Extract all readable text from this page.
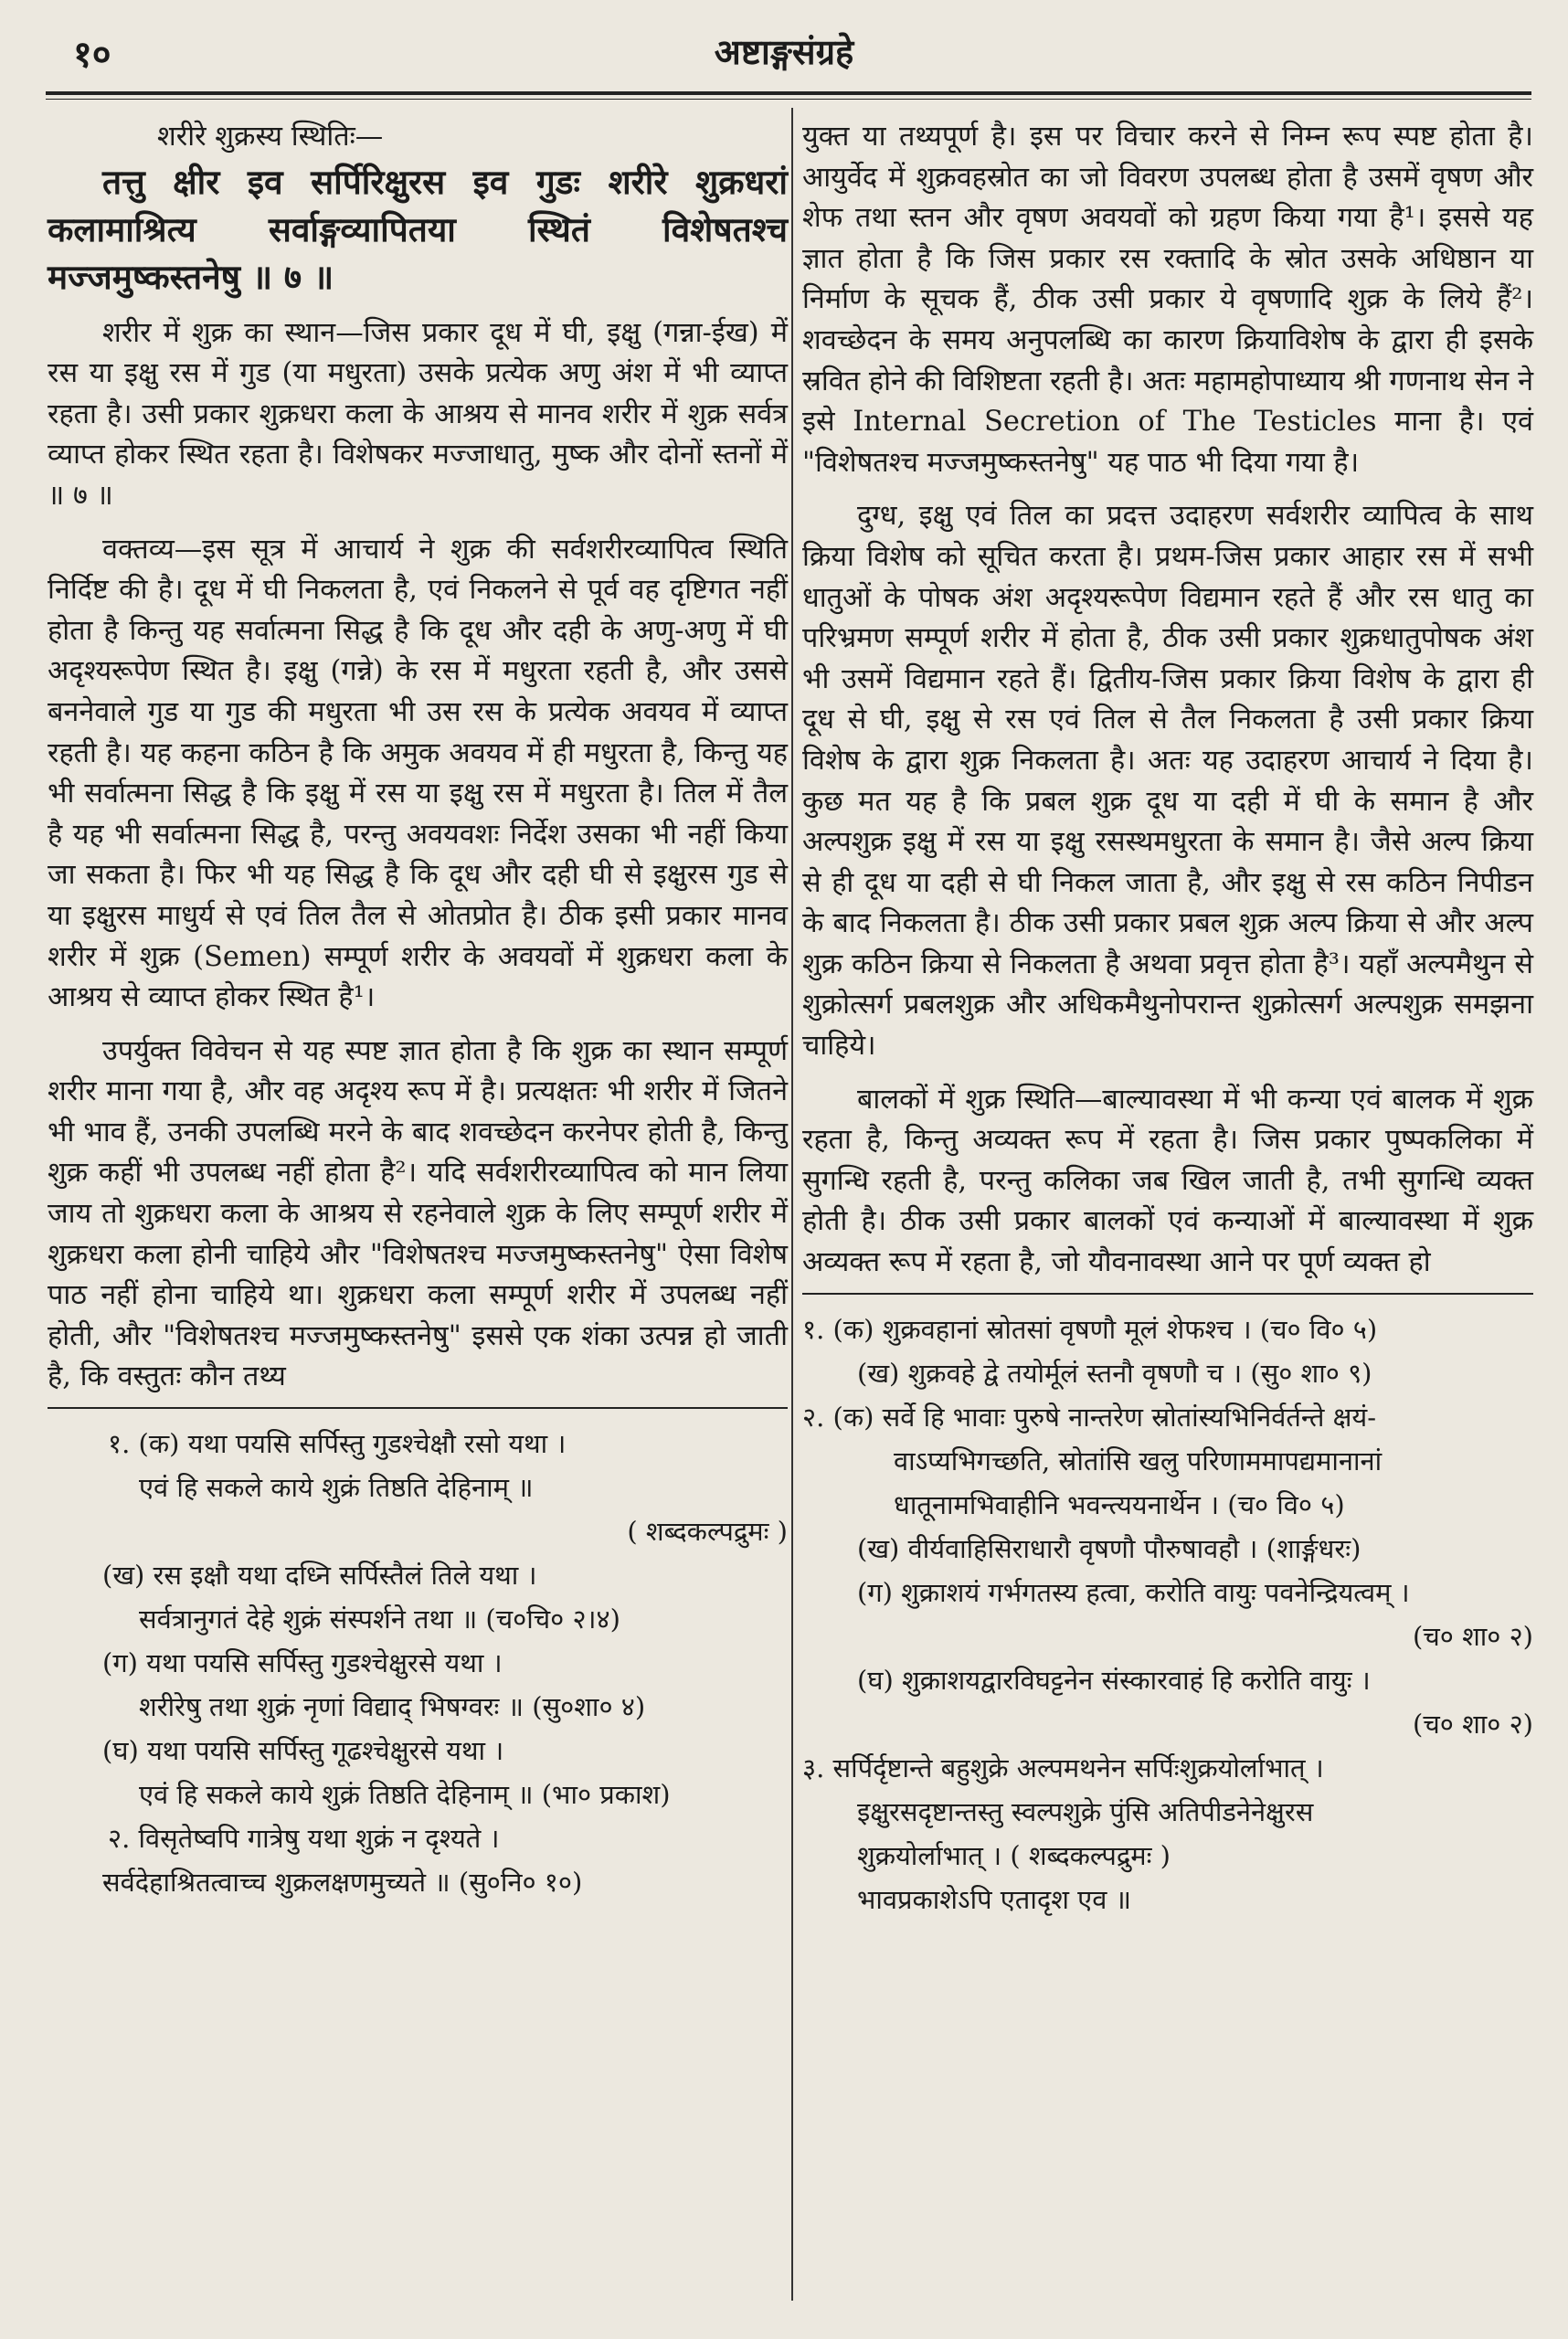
१०	अष्टाङ्गसंग्रहे

शरीरे शुक्रस्य स्थितिः—

तत्तु क्षीर इव सर्पिरिक्षुरस इव गुडः शरीरे शुक्रधरां कलामाश्रित्य सर्वाङ्गव्यापितया स्थितं विशेषतश्च मज्जमुष्कस्तनेषु ॥ ७ ॥

शरीर में शुक्र का स्थान—जिस प्रकार दूध में घी, इक्षु (गन्ना-ईख) में रस या इक्षु रस में गुड (या मधुरता) उसके प्रत्येक अणु अंश में भी व्याप्त रहता है। उसी प्रकार शुक्रधरा कला के आश्रय से मानव शरीर में शुक्र सर्वत्र व्याप्त होकर स्थित रहता है। विशेषकर मज्जाधातु, मुष्क और दोनों स्तनों में ॥ ७ ॥

वक्तव्य—इस सूत्र में आचार्य ने शुक्र की सर्वशरीरव्यापित्व स्थिति निर्दिष्ट की है। दूध में घी निकलता है, एवं निकलने से पूर्व वह दृष्टिगत नहीं होता है किन्तु यह सर्वात्मना सिद्ध है कि दूध और दही के अणु-अणु में घी अदृश्यरूपेण स्थित है। इक्षु (गन्ने) के रस में मधुरता रहती है, और उससे बननेवाले गुड या गुड की मधुरता भी उस रस के प्रत्येक अवयव में व्याप्त रहती है। यह कहना कठिन है कि अमुक अवयव में ही मधुरता है, किन्तु यह भी सर्वात्मना सिद्ध है कि इक्षु में रस या इक्षु रस में मधुरता है। तिल में तैल है यह भी सर्वात्मना सिद्ध है, परन्तु अवयवशः निर्देश उसका भी नहीं किया जा सकता है। फिर भी यह सिद्ध है कि दूध और दही घी से इक्षुरस गुड से या इक्षुरस माधुर्य से एवं तिल तैल से ओतप्रोत है। ठीक इसी प्रकार मानव शरीर में शुक्र (Semen) सम्पूर्ण शरीर के अवयवों में शुक्रधरा कला के आश्रय से व्याप्त होकर स्थित है¹।

उपर्युक्त विवेचन से यह स्पष्ट ज्ञात होता है कि शुक्र का स्थान सम्पूर्ण शरीर माना गया है, और वह अदृश्य रूप में है। प्रत्यक्षतः भी शरीर में जितने भी भाव हैं, उनकी उपलब्धि मरने के बाद शवच्छेदन करनेपर होती है, किन्तु शुक्र कहीं भी उपलब्ध नहीं होता है²। यदि सर्वशरीरव्यापित्व को मान लिया जाय तो शुक्रधरा कला के आश्रय से रहनेवाले शुक्र के लिए सम्पूर्ण शरीर में शुक्रधरा कला होनी चाहिये और "विशेषतश्च मज्जमुष्कस्तनेषु" ऐसा विशेष पाठ नहीं होना चाहिये था। शुक्रधरा कला सम्पूर्ण शरीर में उपलब्ध नहीं होती, और "विशेषतश्च मज्जमुष्कस्तनेषु" इससे एक शंका उत्पन्न हो जाती है, कि वस्तुतः कौन तथ्य

१. (क) यथा पयसि सर्पिस्तु गुडश्चेक्षौ रसो यथा ।

एवं हि सकले काये शुक्रं तिष्ठति देहिनाम् ॥

( शब्दकल्पद्रुमः )

(ख) रस इक्षौ यथा दध्नि सर्पिस्तैलं तिले यथा ।

सर्वत्रानुगतं देहे शुक्रं संस्पर्शने तथा ॥ (च०चि० २।४)

(ग) यथा पयसि सर्पिस्तु गुडश्चेक्षुरसे यथा ।

शरीरेषु तथा शुक्रं नृणां विद्याद् भिषग्वरः ॥ (सु०शा० ४)

(घ) यथा पयसि सर्पिस्तु गूढश्चेक्षुरसे यथा ।

एवं हि सकले काये शुक्रं तिष्ठति देहिनाम् ॥ (भा० प्रकाश)

२. विसृतेष्वपि गात्रेषु यथा शुक्रं न दृश्यते ।

सर्वदेहाश्रितत्वाच्च शुक्रलक्षणमुच्यते ॥ (सु०नि० १०)

युक्त या तथ्यपूर्ण है। इस पर विचार करने से निम्न रूप स्पष्ट होता है। आयुर्वेद में शुक्रवहस्रोत का जो विवरण उपलब्ध होता है उसमें वृषण और शेफ तथा स्तन और वृषण अवयवों को ग्रहण किया गया है¹। इससे यह ज्ञात होता है कि जिस प्रकार रस रक्तादि के स्रोत उसके अधिष्ठान या निर्माण के सूचक हैं, ठीक उसी प्रकार ये वृषणादि शुक्र के लिये हैं²। शवच्छेदन के समय अनुपलब्धि का कारण क्रियाविशेष के द्वारा ही इसके स्रवित होने की विशिष्टता रहती है। अतः महामहोपाध्याय श्री गणनाथ सेन ने इसे Internal Secretion of The Testicles माना है। एवं "विशेषतश्च मज्जमुष्कस्तनेषु" यह पाठ भी दिया गया है।

दुग्ध, इक्षु एवं तिल का प्रदत्त उदाहरण सर्वशरीर व्यापित्व के साथ क्रिया विशेष को सूचित करता है। प्रथम-जिस प्रकार आहार रस में सभी धातुओं के पोषक अंश अदृश्यरूपेण विद्यमान रहते हैं और रस धातु का परिभ्रमण सम्पूर्ण शरीर में होता है, ठीक उसी प्रकार शुक्रधातुपोषक अंश भी उसमें विद्यमान रहते हैं। द्वितीय-जिस प्रकार क्रिया विशेष के द्वारा ही दूध से घी, इक्षु से रस एवं तिल से तैल निकलता है उसी प्रकार क्रिया विशेष के द्वारा शुक्र निकलता है। अतः यह उदाहरण आचार्य ने दिया है। कुछ मत यह है कि प्रबल शुक्र दूध या दही में घी के समान है और अल्पशुक्र इक्षु में रस या इक्षु रसस्थमधुरता के समान है। जैसे अल्प क्रिया से ही दूध या दही से घी निकल जाता है, और इक्षु से रस कठिन निपीडन के बाद निकलता है। ठीक उसी प्रकार प्रबल शुक्र अल्प क्रिया से और अल्प शुक्र कठिन क्रिया से निकलता है अथवा प्रवृत्त होता है³। यहाँ अल्पमैथुन से शुक्रोत्सर्ग प्रबलशुक्र और अधिकमैथुनोपरान्त शुक्रोत्सर्ग अल्पशुक्र समझना चाहिये।

बालकों में शुक्र स्थिति—बाल्यावस्था में भी कन्या एवं बालक में शुक्र रहता है, किन्तु अव्यक्त रूप में रहता है। जिस प्रकार पुष्पकलिका में सुगन्धि रहती है, परन्तु कलिका जब खिल जाती है, तभी सुगन्धि व्यक्त होती है। ठीक उसी प्रकार बालकों एवं कन्याओं में बाल्यावस्था में शुक्र अव्यक्त रूप में रहता है, जो यौवनावस्था आने पर पूर्ण व्यक्त हो

१. (क) शुक्रवहानां स्रोतसां वृषणौ मूलं शेफश्च । (च० वि० ५)

(ख) शुक्रवहे द्वे तयोर्मूलं स्तनौ वृषणौ च । (सु० शा० ९)

२. (क) सर्वे हि भावाः पुरुषे नान्तरेण स्रोतांस्यभिनिर्वर्तन्ते क्षयं-

वाऽप्यभिगच्छति, स्रोतांसि खलु परिणाममापद्यमानानां

धातूनामभिवाहीनि भवन्त्ययनार्थेन । (च० वि० ५)

(ख) वीर्यवाहिसिराधारौ वृषणौ पौरुषावहौ । (शार्ङ्गधरः)

(ग) शुक्राशयं गर्भगतस्य हत्वा, करोति वायुः पवनेन्द्रियत्वम् ।

(च० शा० २)

(घ) शुक्राशयद्वारविघट्टनेन संस्कारवाहं हि करोति वायुः ।

(च० शा० २)

३. सर्पिर्दृष्टान्ते बहुशुक्रे अल्पमथनेन सर्पिःशुक्रयोर्लाभात् ।

इक्षुरसदृष्टान्तस्तु स्वल्पशुक्रे पुंसि अतिपीडनेनेक्षुरस

शुक्रयोर्लाभात् । ( शब्दकल्पद्रुमः )

भावप्रकाशेऽपि एतादृश एव ॥
